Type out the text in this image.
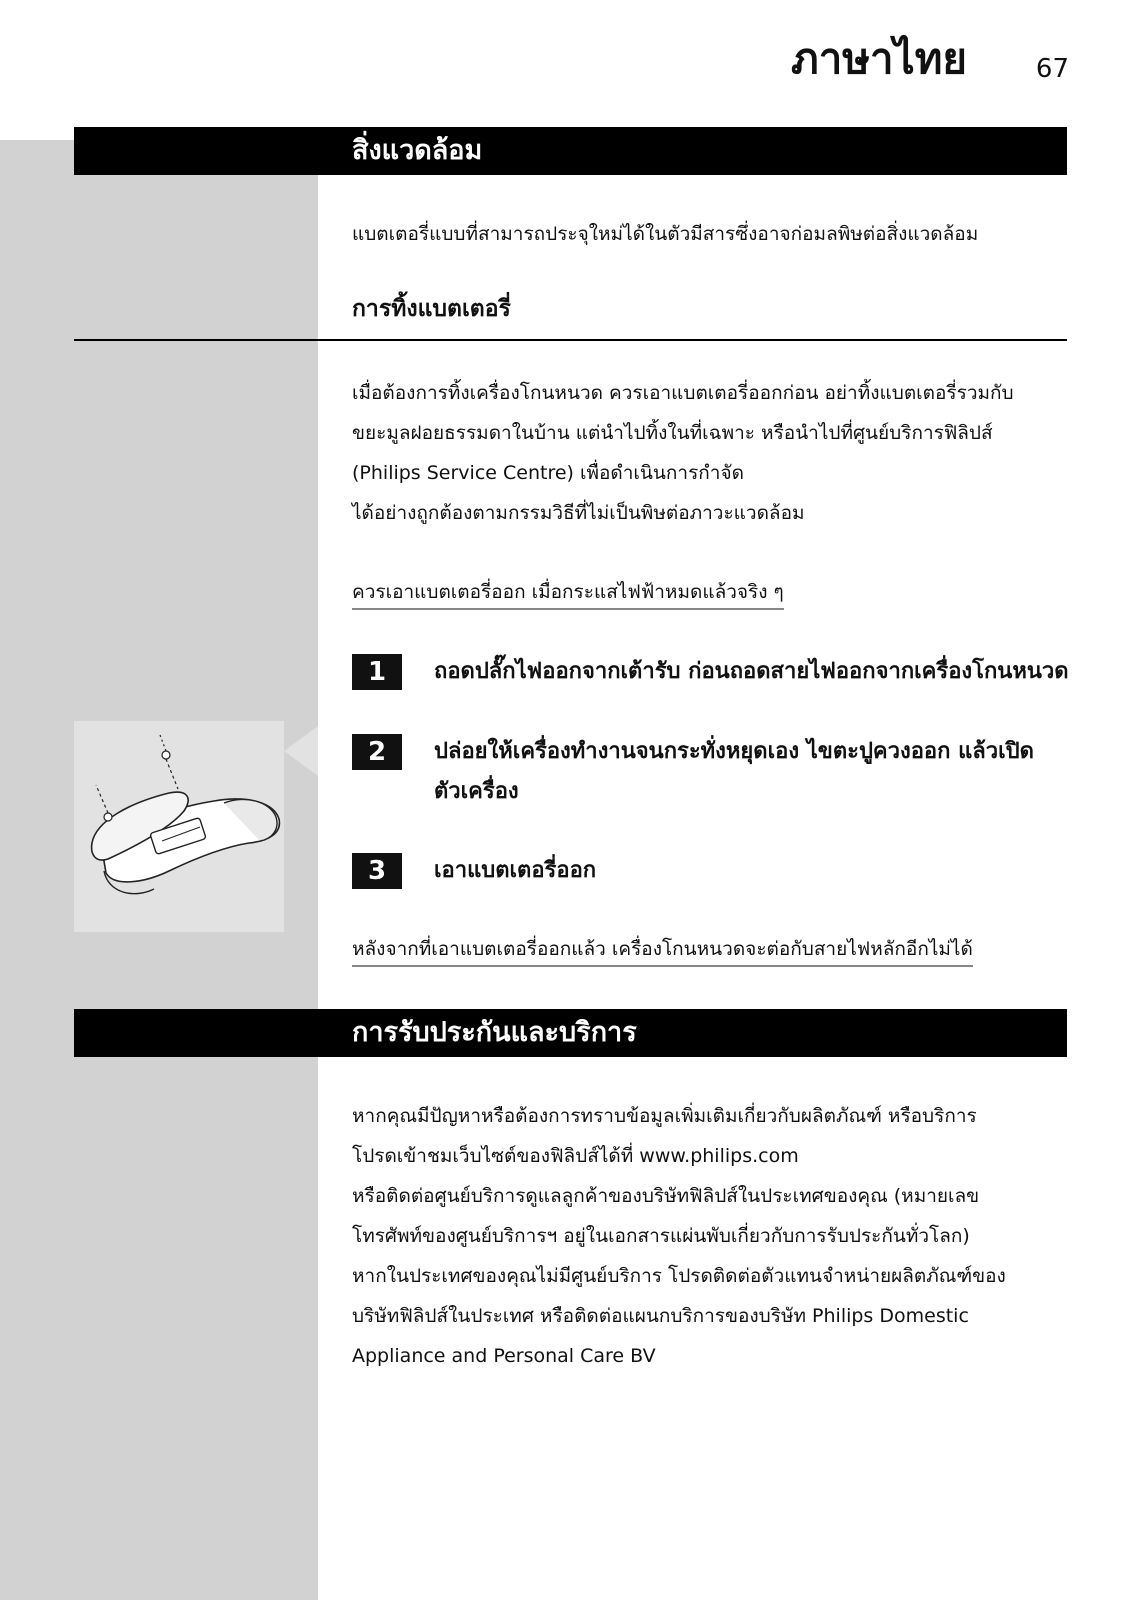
ภาษาไทย	67
สิ่งแวดล้อม
แบตเตอรี่แบบที่สามารถประจุใหม่ได้ในตัวมีสารซึ่งอาจก่อมลพิษต่อสิ่งแวดล้อม
การทิ้งแบตเตอรี่
เมื่อต้องการทิ้งเครื่องโกนหนวด ควรเอาแบตเตอรี่ออกก่อน อย่าทิ้งแบตเตอรี่รวมกับ
ขยะมูลฝอยธรรมดาในบ้าน แต่นำไปทิ้งในที่เฉพาะ หรือนำไปที่ศูนย์บริการฟิลิปส์
(Philips Service Centre) เพื่อดำเนินการกำจัด
ได้อย่างถูกต้องตามกรรมวิธีที่ไม่เป็นพิษต่อภาวะแวดล้อม
ควรเอาแบตเตอรี่ออก เมื่อกระแสไฟฟ้าหมดแล้วจริง ๆ
1	ถอดปลั๊กไฟออกจากเต้ารับ ก่อนถอดสายไฟออกจากเครื่องโกนหนวด
2	ปล่อยให้เครื่องทำงานจนกระทั่งหยุดเอง ไขตะปูควงออก แล้วเปิด
ตัวเครื่อง
3	เอาแบตเตอรี่ออก
หลังจากที่เอาแบตเตอรี่ออกแล้ว เครื่องโกนหนวดจะต่อกับสายไฟหลักอีกไม่ได้
การรับประกันและบริการ
หากคุณมีปัญหาหรือต้องการทราบข้อมูลเพิ่มเติมเกี่ยวกับผลิตภัณฑ์ หรือบริการ
โปรดเข้าชมเว็บไซต์ของฟิลิปส์ได้ที่ www.philips.com
หรือติดต่อศูนย์บริการดูแลลูกค้าของบริษัทฟิลิปส์ในประเทศของคุณ (หมายเลข
โทรศัพท์ของศูนย์บริการฯ อยู่ในเอกสารแผ่นพับเกี่ยวกับการรับประกันทั่วโลก)
หากในประเทศของคุณไม่มีศูนย์บริการ โปรดติดต่อตัวแทนจำหน่ายผลิตภัณฑ์ของ
บริษัทฟิลิปส์ในประเทศ หรือติดต่อแผนกบริการของบริษัท Philips Domestic
Appliance and Personal Care BV
